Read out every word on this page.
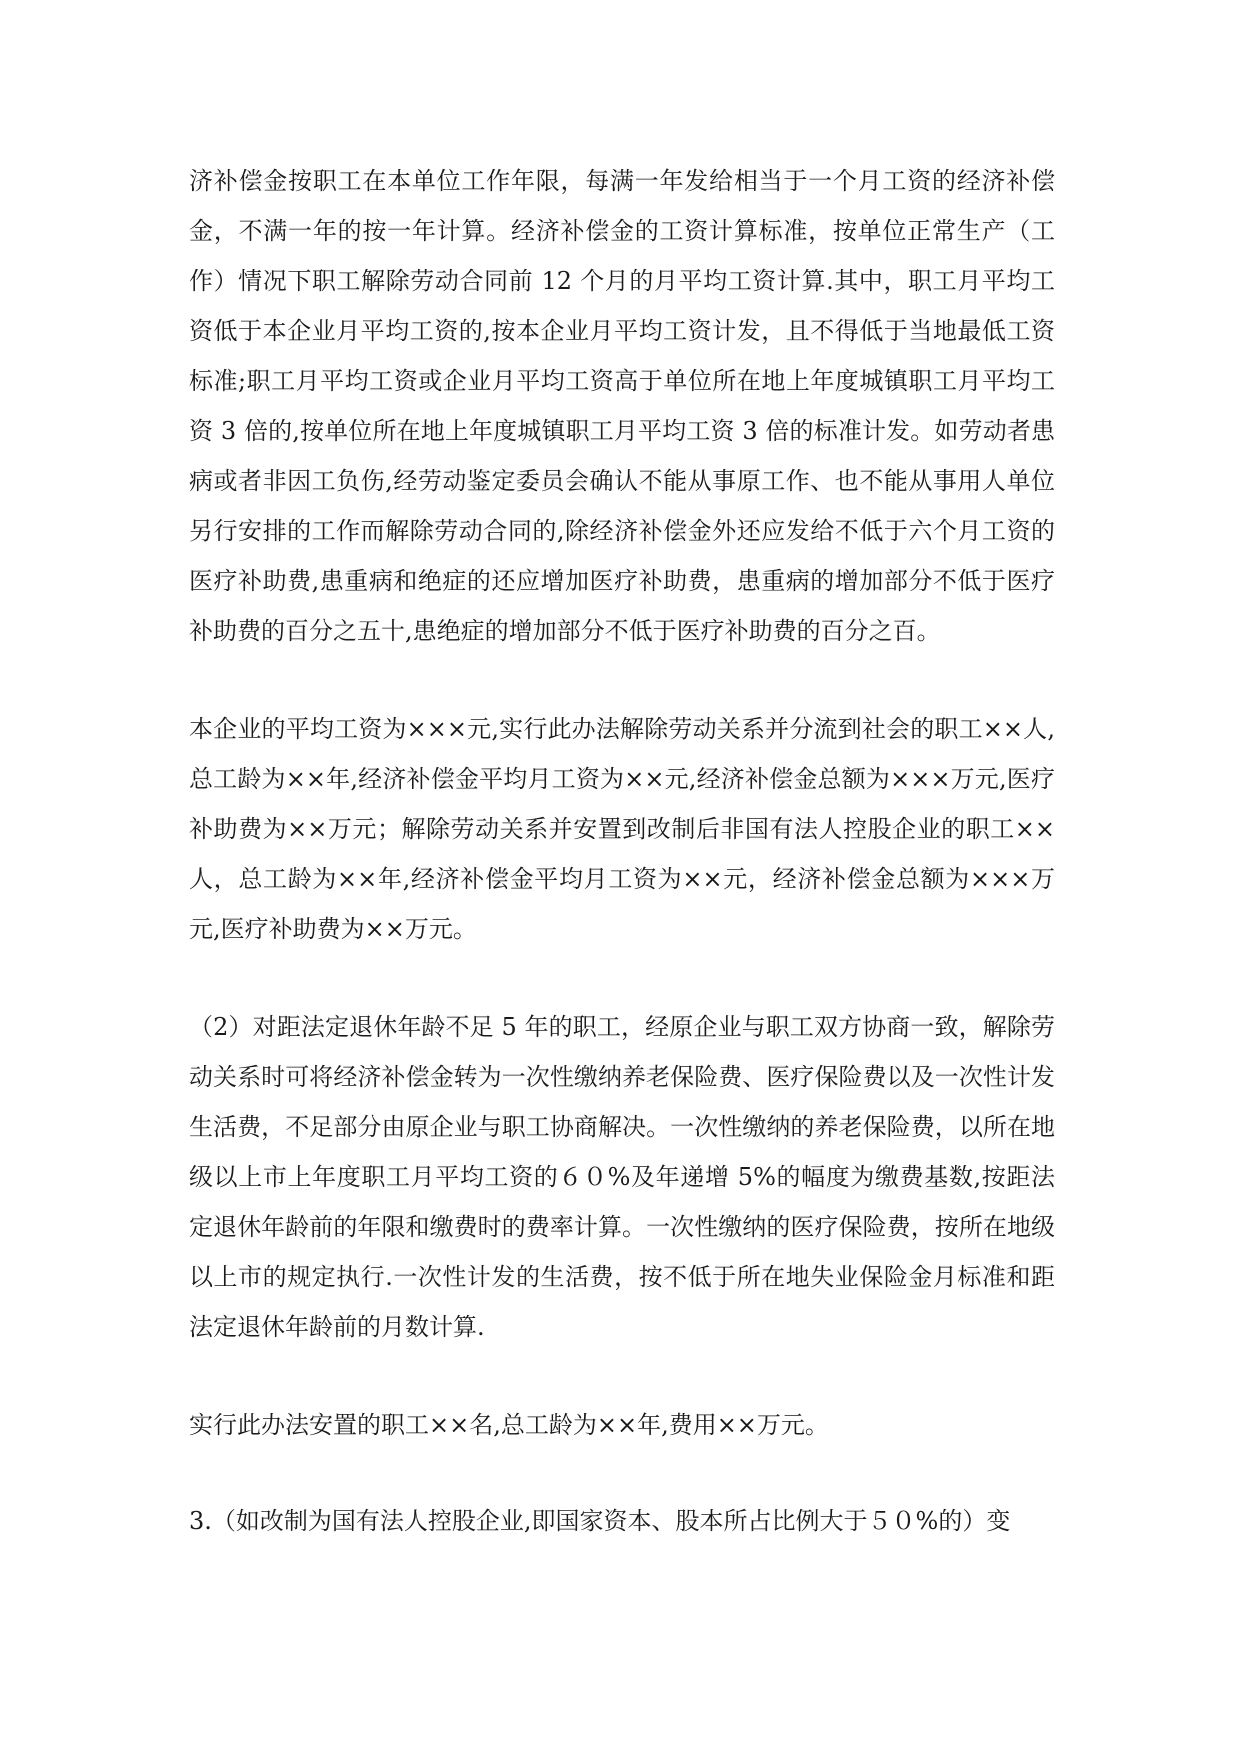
济补偿金按职工在本单位工作年限，每满一年发给相当于一个月工资的经济补偿金，不满一年的按一年计算。经济补偿金的工资计算标准，按单位正常生产（工作）情况下职工解除劳动合同前 12 个月的月平均工资计算.其中，职工月平均工资低于本企业月平均工资的,按本企业月平均工资计发，且不得低于当地最低工资标准;职工月平均工资或企业月平均工资高于单位所在地上年度城镇职工月平均工资 3 倍的,按单位所在地上年度城镇职工月平均工资 3 倍的标准计发。如劳动者患病或者非因工负伤,经劳动鉴定委员会确认不能从事原工作、也不能从事用人单位另行安排的工作而解除劳动合同的,除经济补偿金外还应发给不低于六个月工资的医疗补助费,患重病和绝症的还应增加医疗补助费，患重病的增加部分不低于医疗补助费的百分之五十,患绝症的增加部分不低于医疗补助费的百分之百。

本企业的平均工资为×××元,实行此办法解除劳动关系并分流到社会的职工××人,总工龄为××年,经济补偿金平均月工资为××元,经济补偿金总额为×××万元,医疗补助费为××万元；解除劳动关系并安置到改制后非国有法人控股企业的职工××人，总工龄为××年,经济补偿金平均月工资为××元，经济补偿金总额为×××万元,医疗补助费为××万元。

（2）对距法定退休年龄不足 5 年的职工，经原企业与职工双方协商一致，解除劳动关系时可将经济补偿金转为一次性缴纳养老保险费、医疗保险费以及一次性计发生活费，不足部分由原企业与职工协商解决。一次性缴纳的养老保险费，以所在地级以上市上年度职工月平均工资的６０%及年递增 5%的幅度为缴费基数,按距法定退休年龄前的年限和缴费时的费率计算。一次性缴纳的医疗保险费，按所在地级以上市的规定执行.一次性计发的生活费，按不低于所在地失业保险金月标准和距法定退休年龄前的月数计算.

实行此办法安置的职工××名,总工龄为××年,费用××万元。

3.（如改制为国有法人控股企业,即国家资本、股本所占比例大于５０%的）变
